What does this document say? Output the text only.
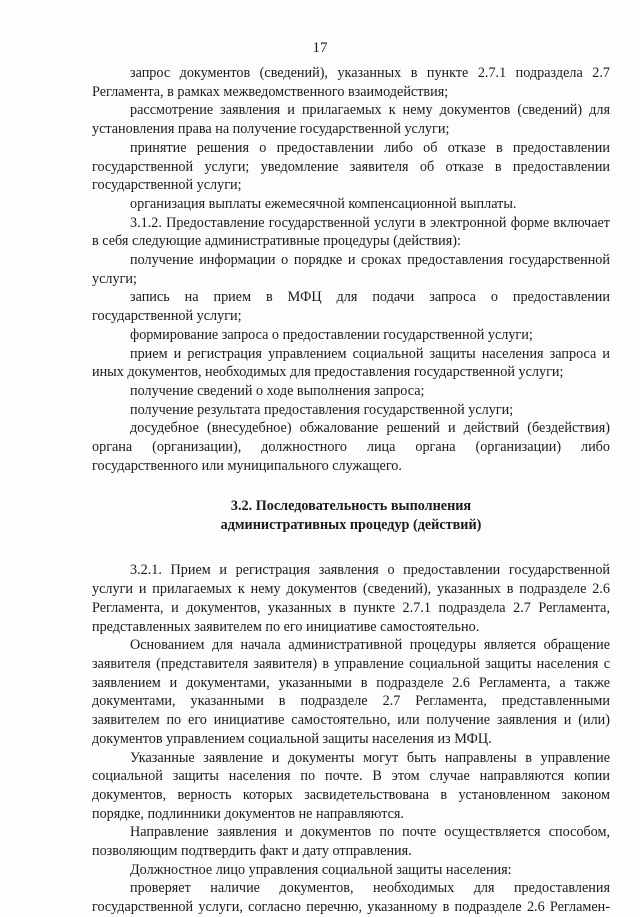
17

запрос документов (сведений), указанных в пункте 2.7.1 подраздела 2.7 Регламента, в рамках межведомственного взаимодействия;

рассмотрение заявления и прилагаемых к нему документов (сведений) для установления права на получение государственной услуги;

принятие решения о предоставлении либо об отказе в предоставлении государственной услуги; уведомление заявителя об отказе в предоставлении государственной услуги;

организация выплаты ежемесячной компенсационной выплаты.

3.1.2. Предоставление государственной услуги в электронной форме включает в себя следующие административные процедуры (действия):

получение информации о порядке и сроках предоставления государственной услуги;

запись на прием в МФЦ для подачи запроса о предоставлении государственной услуги;

формирование запроса о предоставлении государственной услуги;

прием и регистрация управлением социальной защиты населения запроса и иных документов, необходимых для предоставления государственной услуги;

получение сведений о ходе выполнения запроса;

получение результата предоставления государственной услуги;

досудебное (внесудебное) обжалование решений и действий (бездействия) органа (организации), должностного лица органа (организации) либо государственного или муниципального служащего.

3.2. Последовательность выполнения
административных процедур (действий)

3.2.1. Прием и регистрация заявления о предоставлении государственной услуги и прилагаемых к нему документов (сведений), указанных в подразделе 2.6 Регламента, и документов, указанных в пункте 2.7.1 подраздела 2.7 Регламента, представленных заявителем по его инициативе самостоятельно.

Основанием для начала административной процедуры является обращение заявителя (представителя заявителя) в управление социальной защиты населения с заявлением и документами, указанными в подразделе 2.6 Регламента, а также документами, указанными в подразделе 2.7 Регламента, представленными заявителем по его инициативе самостоятельно, или получение заявления и (или) документов управлением социальной защиты населения из МФЦ.

Указанные заявление и документы могут быть направлены в управление социальной защиты населения по почте. В этом случае направляются копии документов, верность которых засвидетельствована в установленном законом порядке, подлинники документов не направляются.

Направление заявления и документов по почте осуществляется способом, позволяющим подтвердить факт и дату отправления.

Должностное лицо управления социальной защиты населения:

проверяет наличие документов, необходимых для предоставления государственной услуги, согласно перечню, указанному в подразделе 2.6 Регламен-
